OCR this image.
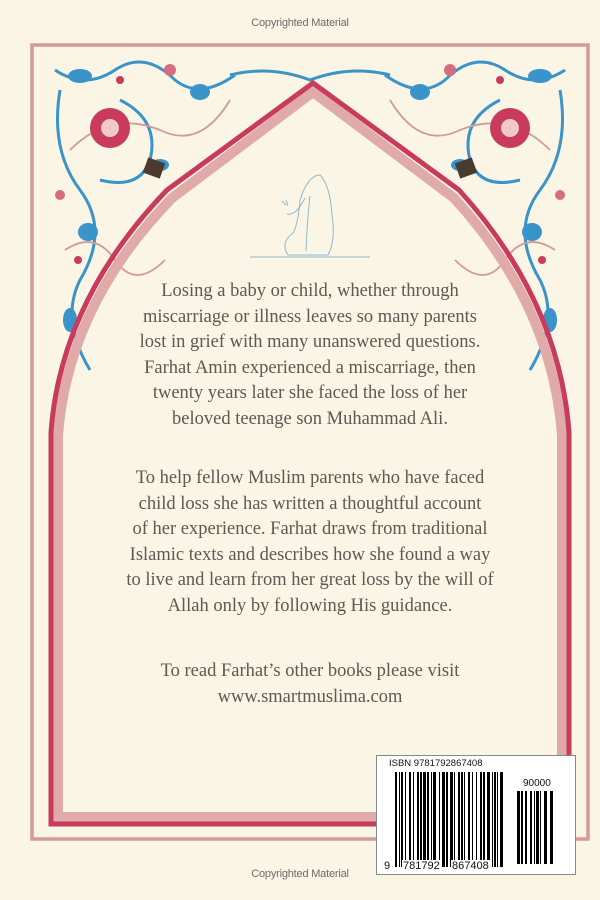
Copyrighted Material
Losing a baby or child, whether through
miscarriage or illness leaves so many parents
lost in grief with many unanswered questions.
Farhat Amin experienced a miscarriage, then
twenty years later she faced the loss of her
beloved teenage son Muhammad Ali.
To help fellow Muslim parents who have faced
child loss she has written a thoughtful account
of her experience. Farhat draws from traditional
Islamic texts and describes how she found a way
to live and learn from her great loss by the will of
Allah only by following His guidance.
To read Farhat’s other books please visit
www.smartmuslima.com
ISBN 9781792867408
90000
9 781792 867408
Copyrighted Material
